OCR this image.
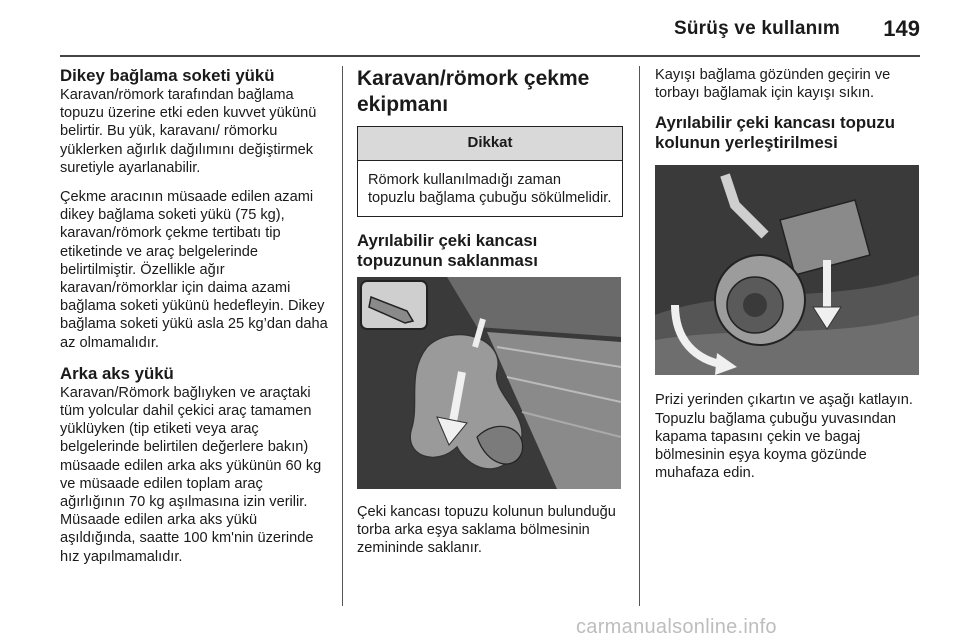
Sürüş ve kullanım 149
Dikey bağlama soketi yükü

Karavan/römork tarafından bağlama topuzu üzerine etki eden kuvvet yükünü belirtir. Bu yük, karavanı/ römorku yüklerken ağırlık dağılımını değiştirmek suretiyle ayarlanabilir.

Çekme aracının müsaade edilen azami dikey bağlama soketi yükü (75 kg), karavan/römork çekme tertibatı tip etiketinde ve araç belgelerinde belirtilmiştir. Özellikle ağır karavan/römorklar için daima azami bağlama soketi yükünü hedefleyin. Dikey bağlama soketi yükü asla 25 kg’dan daha az olmamalıdır.

Arka aks yükü

Karavan/Römork bağlıyken ve araçtaki tüm yolcular dahil çekici araç tamamen yüklüyken (tip etiketi veya araç belgelerinde belirtilen değerlere bakın) müsaade edilen arka aks yükünün 60 kg ve müsaade edilen toplam araç ağırlığının 70 kg aşılmasına izin verilir. Müsaade edilen arka aks yükü aşıldığında, saatte 100 km'nin üzerinde hız yapılmamalıdır.

Karavan/römork çekme ekipmanı
Dikkat
Römork kullanılmadığı zaman topuzlu bağlama çubuğu sökülmelidir.
Ayrılabilir çeki kancası topuzunun saklanması

Çeki kancası topuzu kolunun bulunduğu torba arka eşya saklama bölmesinin zemininde saklanır.

Kayışı bağlama gözünden geçirin ve torbayı bağlamak için kayışı sıkın.

Ayrılabilir çeki kancası topuzu kolunun yerleştirilmesi

Prizi yerinden çıkartın ve aşağı katlayın. Topuzlu bağlama çubuğu yuvasından kapama tapasını çekin ve bagaj bölmesinin eşya koyma gözünde muhafaza edin.

carmanualsonline.info
